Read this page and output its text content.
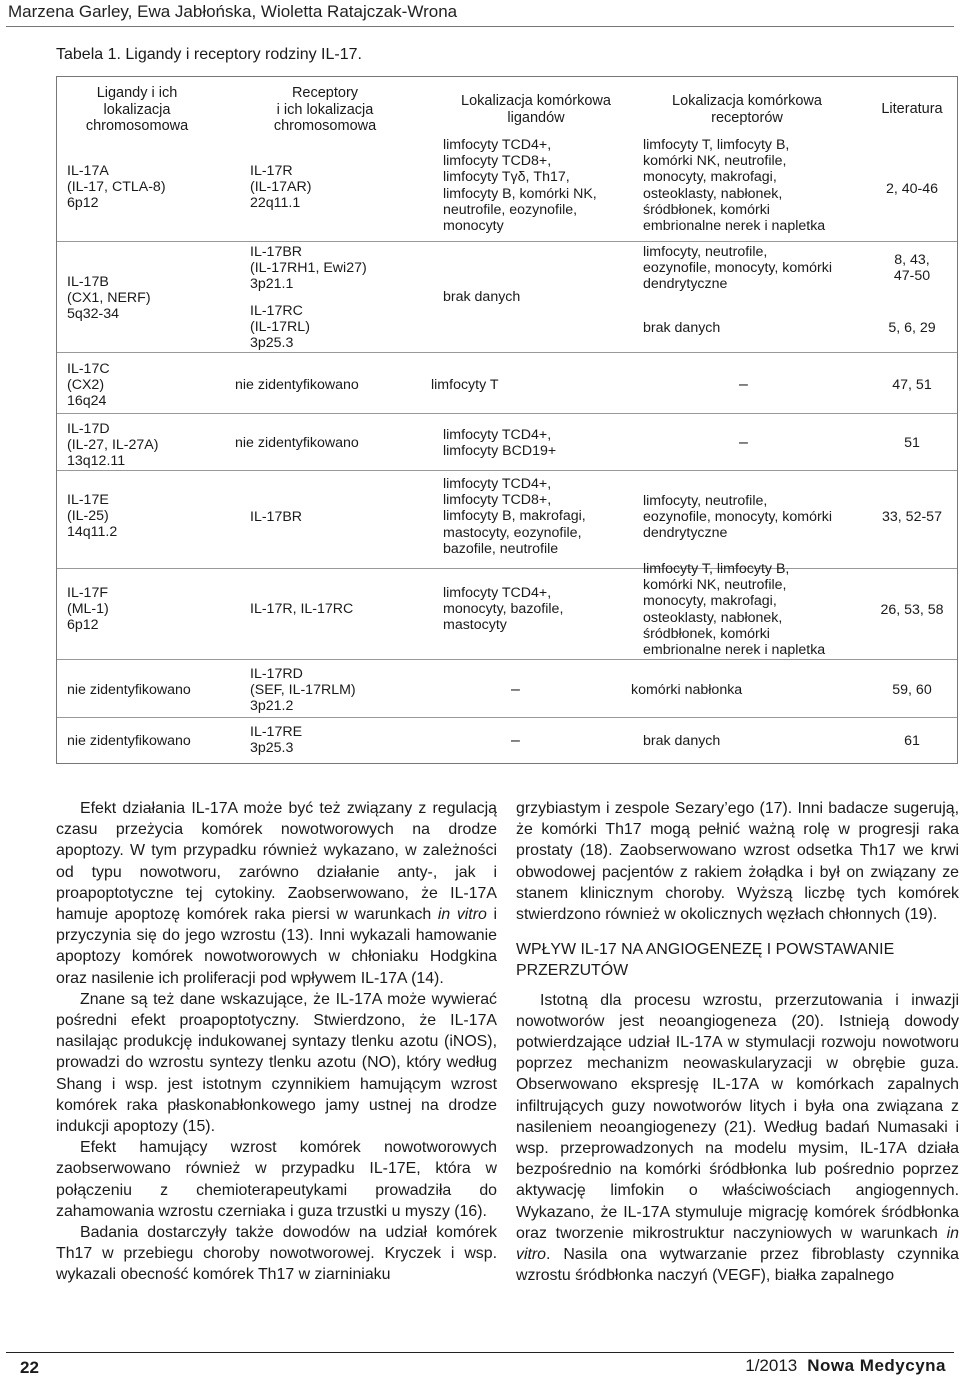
Marzena Garley, Ewa Jabłońska, Wioletta Ratajczak-Wrona
Tabela 1. Ligandy i receptory rodziny IL-17.
Ligandy i ich
lokalizacja
chromosomowa
Receptory
i ich lokalizacja
chromosomowa
Lokalizacja komórkowa
ligandów
Lokalizacja komórkowa
receptorów
Literatura
IL-17A
(IL-17, CTLA-8)
6p12
IL-17B
(CX1, NERF)
5q32-34
IL-17C
(CX2)
16q24
IL-17D
(IL-27, IL-27A)
13q12.11
IL-17E
(IL-25)
14q11.2
IL-17F
(ML-1)
6p12
nie zidentyfikowano
nie zidentyfikowano
IL-17R
(IL-17AR)
22q11.1
IL-17BR
(IL-17RH1, Ewi27)
3p21.1
IL-17RC
(IL-17RL)
3p25.3
nie zidentyfikowano
nie zidentyfikowano
IL-17BR
IL-17R, IL-17RC
IL-17RD
(SEF, IL-17RLM)
3p21.2
IL-17RE
3p25.3
limfocyty TCD4+,
limfocyty TCD8+,
limfocyty Tγδ, Th17,
limfocyty B, komórki NK,
neutrofile, eozynofile,
monocyty
brak danych
limfocyty T
limfocyty TCD4+,
limfocyty BCD19+
limfocyty TCD4+,
limfocyty TCD8+,
limfocyty B, makrofagi,
mastocyty, eozynofile,
bazofile, neutrofile
limfocyty TCD4+,
monocyty, bazofile,
mastocyty
–
–
limfocyty T, limfocyty B,
komórki NK, neutrofile,
monocyty, makrofagi,
osteoklasty, nabłonek,
śródbłonek, komórki
embrionalne nerek i napletka
limfocyty, neutrofile,
eozynofile, monocyty, komórki
dendrytyczne
brak danych
–
–
limfocyty, neutrofile,
eozynofile, monocyty, komórki
dendrytyczne
limfocyty T, limfocyty B,
komórki NK, neutrofile,
monocyty, makrofagi,
osteoklasty, nabłonek,
śródbłonek, komórki
embrionalne nerek i napletka
komórki nabłonka
brak danych
2, 40-46
8, 43,
47-50
5, 6, 29
47, 51
51
33, 52-57
26, 53, 58
59, 60
61

Efekt działania IL-17A może być też związany z regulacją czasu przeżycia komórek nowotworowych na drodze apoptozy. W tym przypadku również wykazano, w zależności od typu nowotworu, zarówno działanie anty-, jak i proapoptotyczne tej cytokiny. Zaobserwowano, że IL-17A hamuje apoptozę komórek raka piersi w warunkach in vitro i przyczynia się do jego wzrostu (13). Inni wykazali hamowanie apoptozy komórek nowotworowych w chłoniaku Hodgkina oraz nasilenie ich proliferacji pod wpływem IL-17A (14).

Znane są też dane wskazujące, że IL-17A może wywierać pośredni efekt proapoptotyczny. Stwierdzono, że IL-17A nasilając produkcję indukowanej syntazy tlenku azotu (iNOS), prowadzi do wzrostu syntezy tlenku azotu (NO), który według Shang i wsp. jest istotnym czynnikiem hamującym wzrost komórek raka płaskonabłonkowego jamy ustnej na drodze indukcji apoptozy (15).

Efekt hamujący wzrost komórek nowotworowych zaobserwowano również w przypadku IL-17E, która w połączeniu z chemioterapeutykami prowadziła do zahamowania wzrostu czerniaka i guza trzustki u myszy (16).

Badania dostarczyły także dowodów na udział komórek Th17 w przebiegu choroby nowotworowej. Kryczek i wsp. wykazali obecność komórek Th17 w ziarniniaku

grzybiastym i zespole Sezary’ego (17). Inni badacze sugerują, że komórki Th17 mogą pełnić ważną rolę w progresji raka prostaty (18). Zaobserwowano wzrost odsetka Th17 we krwi obwodowej pacjentów z rakiem żołądka i był on związany ze stanem klinicznym choroby. Wyższą liczbę tych komórek stwierdzono również w okolicznych węzłach chłonnych (19).

WPŁYW IL-17 NA ANGIOGENEZĘ I POWSTAWANIE PRZERZUTÓW

Istotną dla procesu wzrostu, przerzutowania i inwazji nowotworów jest neoangiogeneza (20). Istnieją dowody potwierdzające udział IL-17A w stymulacji rozwoju nowotworu poprzez mechanizm neowaskularyzacji w obrębie guza. Obserwowano ekspresję IL-17A w komórkach zapalnych infiltrujących guzy nowotworów litych i była ona związana z nasileniem neoangiogenezy (21). Według badań Numasaki i wsp. przeprowadzonych na modelu mysim, IL-17A działa bezpośrednio na komórki śródbłonka lub pośrednio poprzez aktywację limfokin o właściwościach angiogennych. Wykazano, że IL-17A stymuluje migrację komórek śródbłonka oraz tworzenie mikrostruktur naczyniowych w warunkach in vitro. Nasila ona wytwarzanie przez fibroblasty czynnika wzrostu śródbłonka naczyń (VEGF), białka zapalnego

22	1/2013 Nowa Medycyna
